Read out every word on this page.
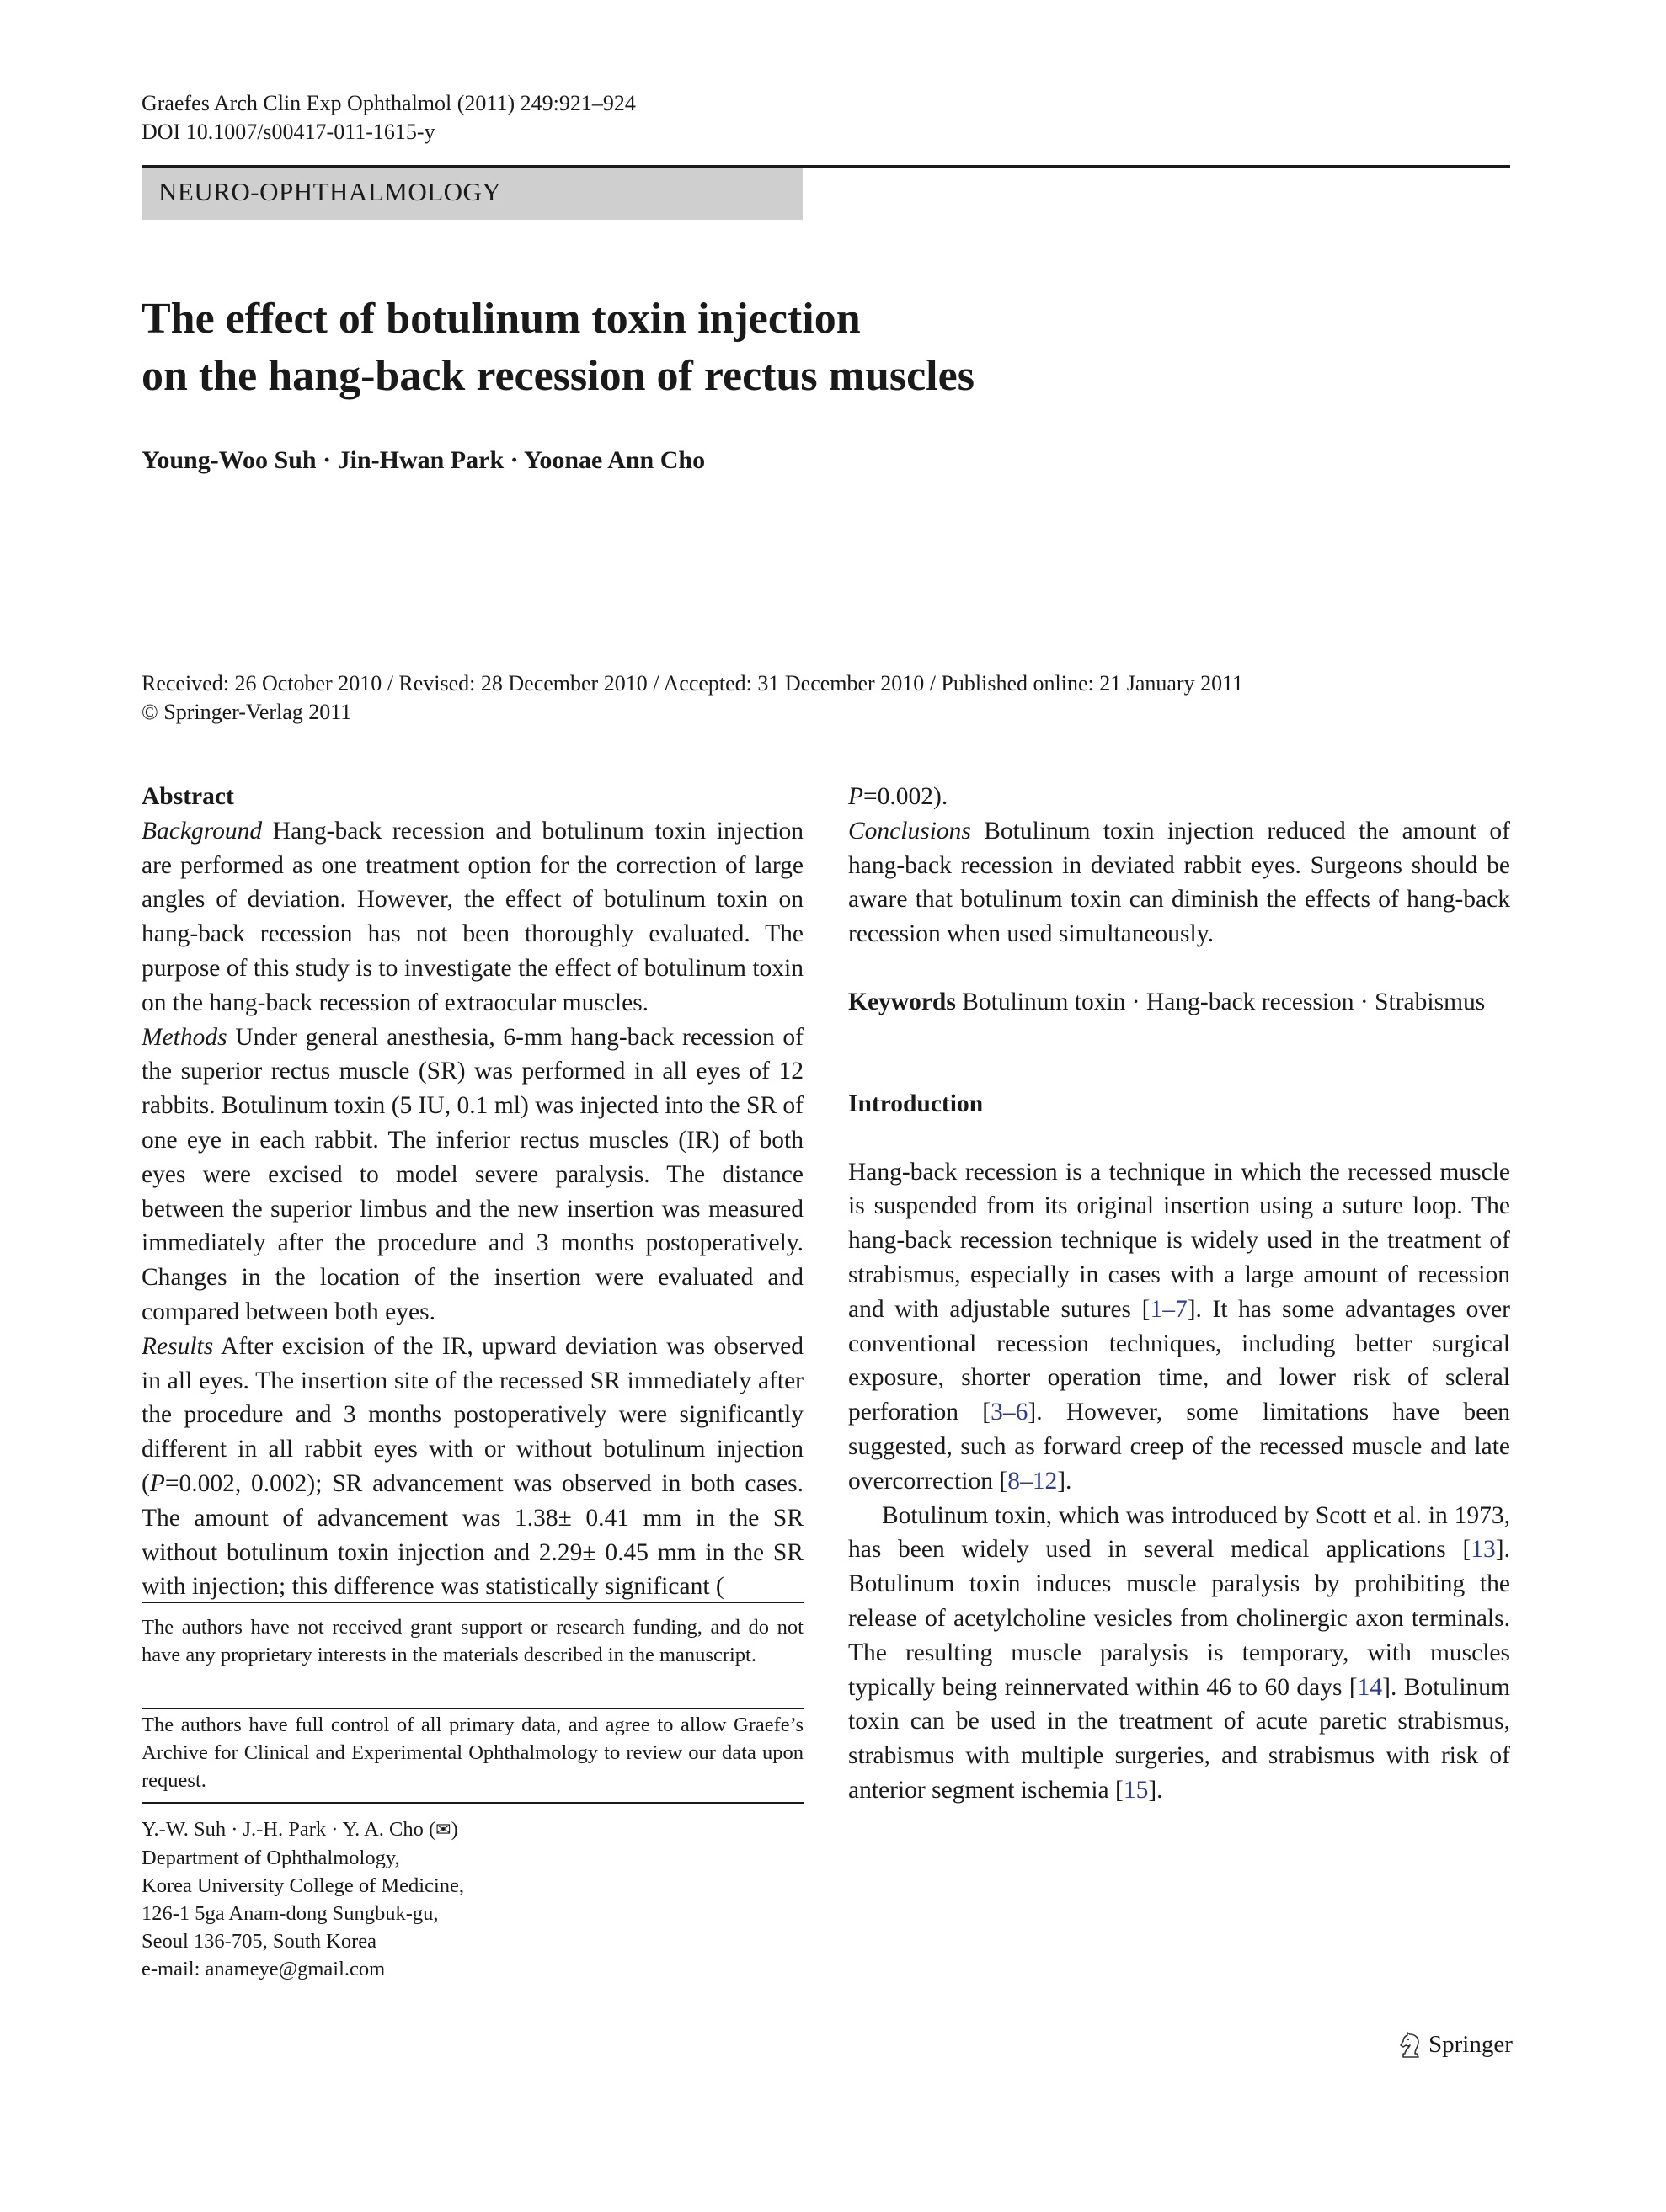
Graefes Arch Clin Exp Ophthalmol (2011) 249:921–924
DOI 10.1007/s00417-011-1615-y
NEURO-OPHTHALMOLOGY
The effect of botulinum toxin injection
on the hang-back recession of rectus muscles
Young-Woo Suh · Jin-Hwan Park · Yoonae Ann Cho
Received: 26 October 2010 / Revised: 28 December 2010 / Accepted: 31 December 2010 / Published online: 21 January 2011
© Springer-Verlag 2011

Abstract

Background Hang-back recession and botulinum toxin injection are performed as one treatment option for the correction of large angles of deviation. However, the effect of botulinum toxin on hang-back recession has not been thoroughly evaluated. The purpose of this study is to investigate the effect of botulinum toxin on the hang-back recession of extraocular muscles.

Methods Under general anesthesia, 6-mm hang-back recession of the superior rectus muscle (SR) was performed in all eyes of 12 rabbits. Botulinum toxin (5 IU, 0.1 ml) was injected into the SR of one eye in each rabbit. The inferior rectus muscles (IR) of both eyes were excised to model severe paralysis. The distance between the superior limbus and the new insertion was measured immediately after the procedure and 3 months postoperatively. Changes in the location of the insertion were evaluated and compared between both eyes.

Results After excision of the IR, upward deviation was observed in all eyes. The insertion site of the recessed SR immediately after the procedure and 3 months postoperatively were significantly different in all rabbit eyes with or without botulinum injection (P=0.002, 0.002); SR advancement was observed in both cases. The amount of advancement was 1.38± 0.41 mm in the SR without botulinum toxin injection and 2.29± 0.45 mm in the SR with injection; this difference was statistically significant (

The authors have not received grant support or research funding, and do not have any proprietary interests in the materials described in the manuscript.
The authors have full control of all primary data, and agree to allow Graefe’s Archive for Clinical and Experimental Ophthalmology to review our data upon request.
Y.-W. Suh · J.-H. Park · Y. A. Cho (✉)
Department of Ophthalmology,
Korea University College of Medicine,
126-1 5ga Anam-dong Sungbuk-gu,
Seoul 136-705, South Korea
e-mail: anameye@gmail.com

P=0.002).

Conclusions Botulinum toxin injection reduced the amount of hang-back recession in deviated rabbit eyes. Surgeons should be aware that botulinum toxin can diminish the effects of hang-back recession when used simultaneously.

Keywords Botulinum toxin · Hang-back recession · Strabismus

Introduction

Hang-back recession is a technique in which the recessed muscle is suspended from its original insertion using a suture loop. The hang-back recession technique is widely used in the treatment of strabismus, especially in cases with a large amount of recession and with adjustable sutures [1–7]. It has some advantages over conventional recession techniques, including better surgical exposure, shorter operation time, and lower risk of scleral perforation [3–6]. However, some limitations have been suggested, such as forward creep of the recessed muscle and late overcorrection [8–12].

Botulinum toxin, which was introduced by Scott et al. in 1973, has been widely used in several medical applications [13]. Botulinum toxin induces muscle paralysis by prohibiting the release of acetylcholine vesicles from cholinergic axon terminals. The resulting muscle paralysis is temporary, with muscles typically being reinnervated within 46 to 60 days [14]. Botulinum toxin can be used in the treatment of acute paretic strabismus, strabismus with multiple surgeries, and strabismus with risk of anterior segment ischemia [15].

Springer
